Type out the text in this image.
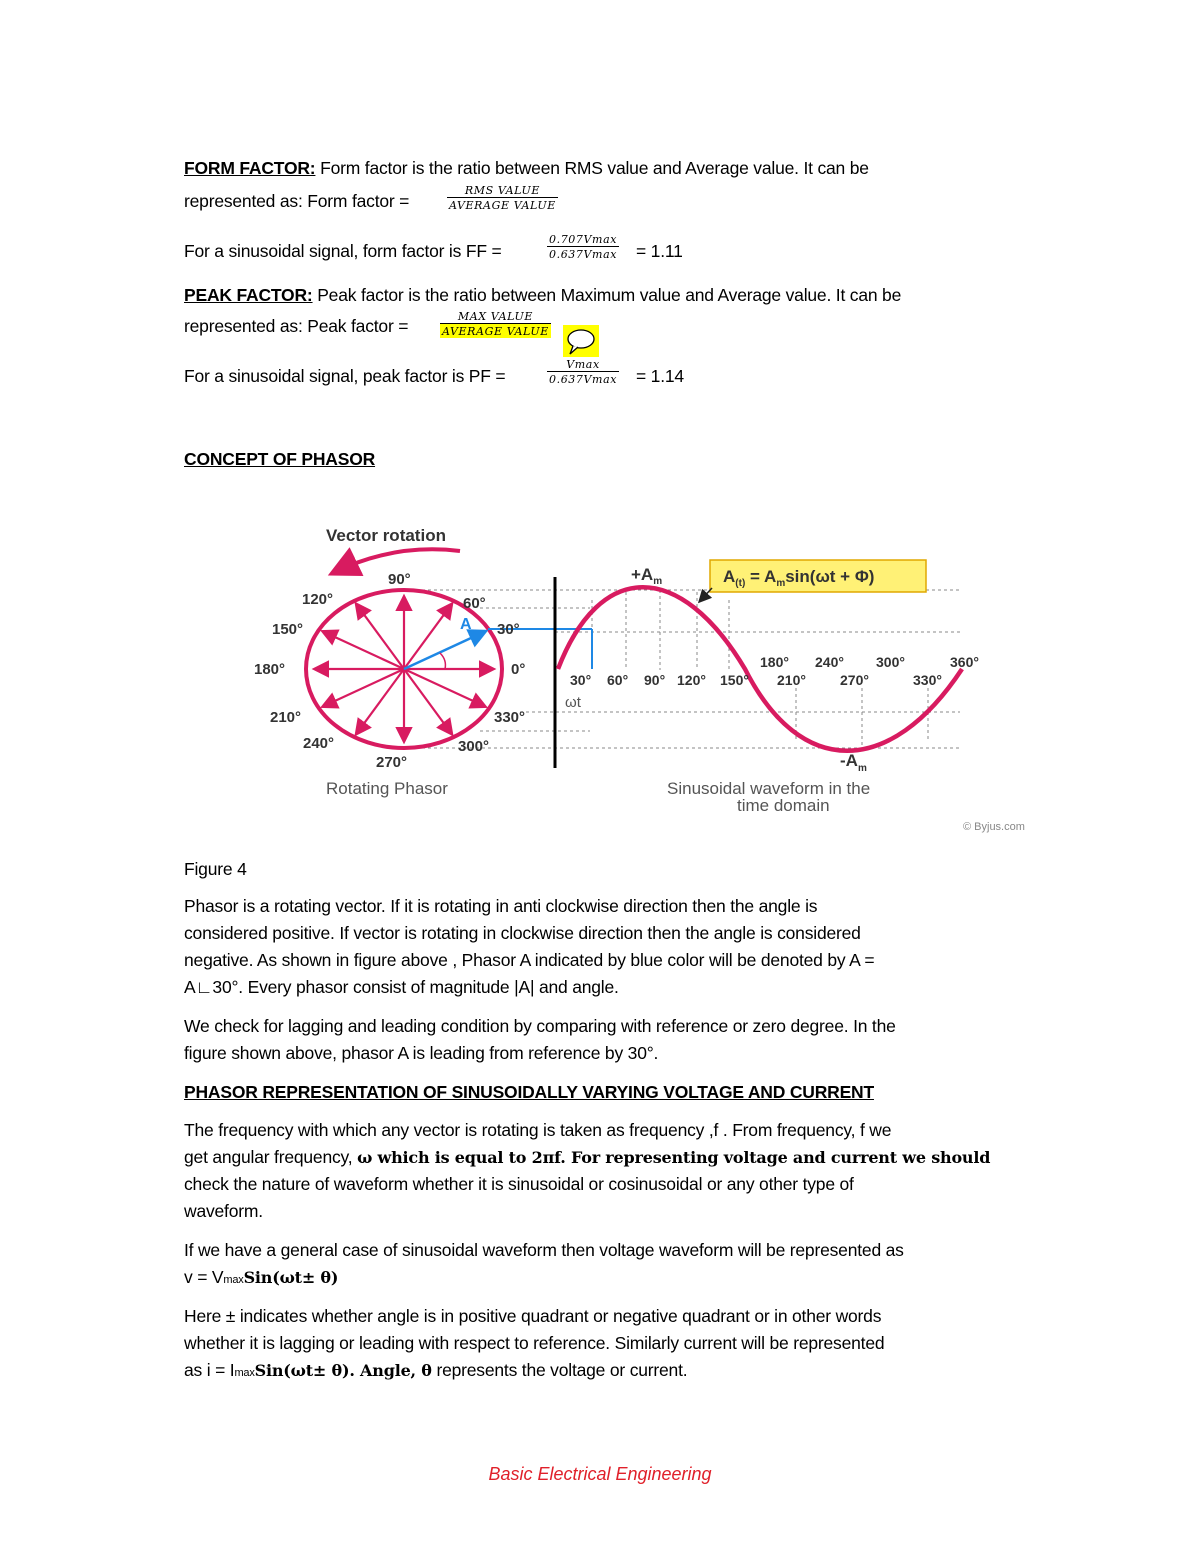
FORM FACTOR: Form factor is the ratio between RMS value and Average value. It can be
represented as: Form factor =
RMS VALUE
AVERAGE VALUE
For a sinusoidal signal, form factor is FF =
0.707Vmax
0.637Vmax = 1.11
PEAK FACTOR: Peak factor is the ratio between Maximum value and Average value. It can be
represented as: Peak factor =	MAX VALUE
AVERAGE VALUE
For a sinusoidal signal, peak factor is PF =
Vmax
0.637Vmax = 1.14
CONCEPT OF PHASOR
Vector rotation
A
90°
120°	60°
150°	30°
180°	0°
210°	330°
240°	300°
270°
Rotating Phasor
$+A_m$
$-A_m$
$A_{(t)} = A_m\sin(\omega t + \Phi)$
30° 60° 90° 120° 150° 210° 270°	330°
180° 240° 300°	360°
ωt
Sinusoidal waveform in the
time domain
© Byjus.com
Figure 4
Phasor is a rotating vector. If it is rotating in anti clockwise direction then the angle is
considered positive. If vector is rotating in clockwise direction then the angle is considered
negative. As shown in figure above , Phasor A indicated by blue color will be denoted by A =
A∟30°. Every phasor consist of magnitude |A| and angle.
We check for lagging and leading condition by comparing with reference or zero degree. In the
figure shown above, phasor A is leading from reference by 30°.
PHASOR REPRESENTATION OF SINUSOIDALLY VARYING VOLTAGE AND CURRENT
The frequency with which any vector is rotating is taken as frequency ,f . From frequency, f we
get angular frequency, ω which is equal to 2πf. For representing voltage and current we should
check the nature of waveform whether it is sinusoidal or cosinusoidal or any other type of
waveform.
If we have a general case of sinusoidal waveform then voltage waveform will be represented as
v = VmaxSin(ωt± θ)
Here ± indicates whether angle is in positive quadrant or negative quadrant or in other words
whether it is lagging or leading with respect to reference. Similarly current will be represented
as i = ImaxSin(ωt± θ). Angle, θ represents the voltage or current.
Basic Electrical Engineering
